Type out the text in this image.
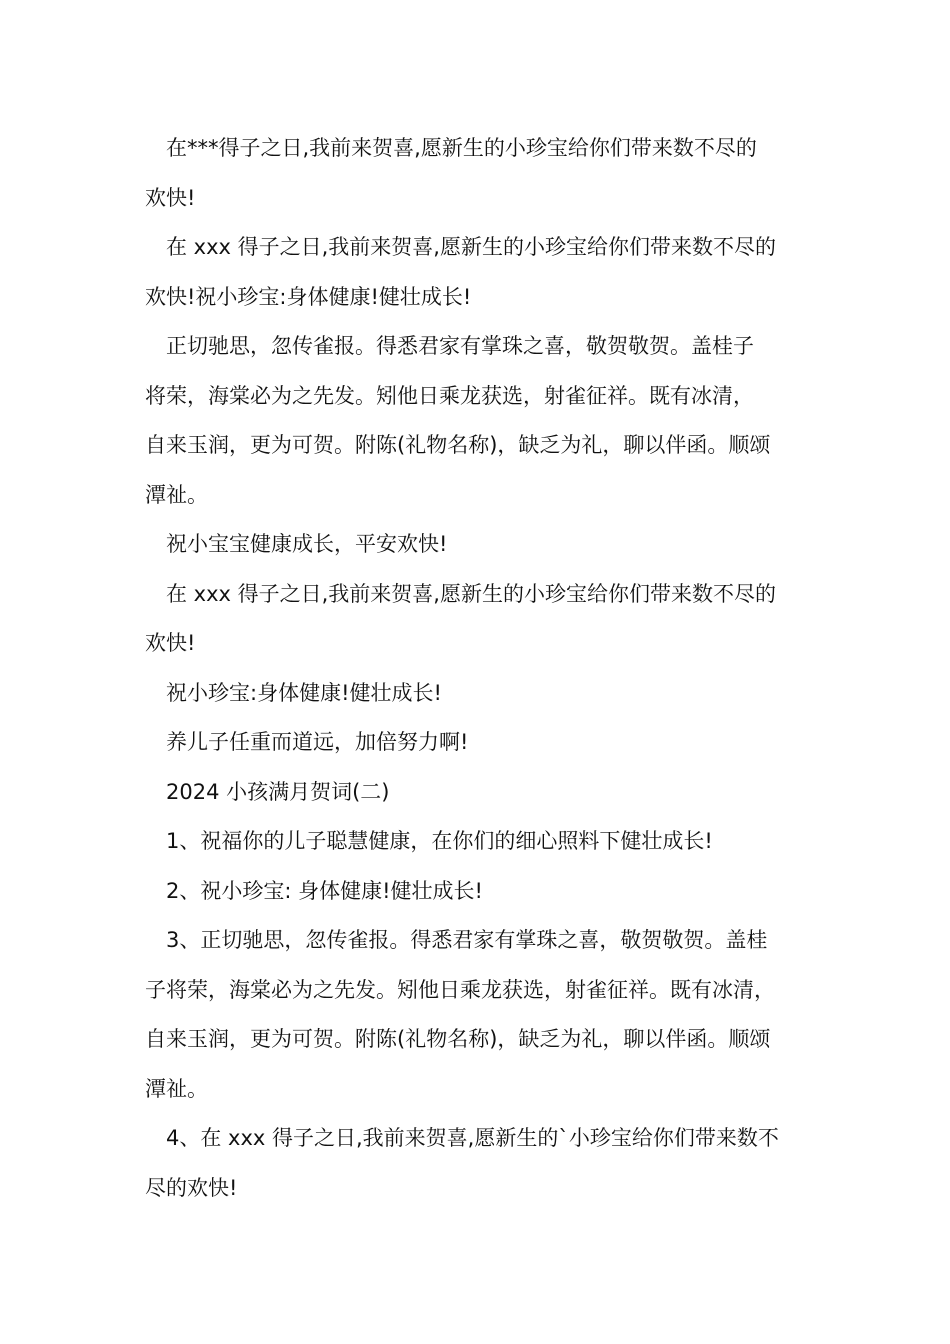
在***得子之日,我前来贺喜,愿新生的小珍宝给你们带来数不尽的
欢快!

在 xxx 得子之日,我前来贺喜,愿新生的小珍宝给你们带来数不尽的
欢快!祝小珍宝:身体健康!健壮成长!

正切驰思，忽传雀报。得悉君家有掌珠之喜，敬贺敬贺。盖桂子
将荣，海棠必为之先发。矧他日乘龙获选，射雀征祥。既有冰清，
自来玉润，更为可贺。附陈(礼物名称)，缺乏为礼，聊以伴函。顺颂
潭祉。

祝小宝宝健康成长，平安欢快!

在 xxx 得子之日,我前来贺喜,愿新生的小珍宝给你们带来数不尽的
欢快!

祝小珍宝:身体健康!健壮成长!

养儿子任重而道远，加倍努力啊!

2024 小孩满月贺词(二)

1、祝福你的儿子聪慧健康，在你们的细心照料下健壮成长!

2、祝小珍宝: 身体健康!健壮成长!

3、正切驰思，忽传雀报。得悉君家有掌珠之喜，敬贺敬贺。盖桂
子将荣，海棠必为之先发。矧他日乘龙获选，射雀征祥。既有冰清，
自来玉润，更为可贺。附陈(礼物名称)，缺乏为礼，聊以伴函。顺颂
潭祉。

4、在 xxx 得子之日,我前来贺喜,愿新生的`小珍宝给你们带来数不
尽的欢快!
